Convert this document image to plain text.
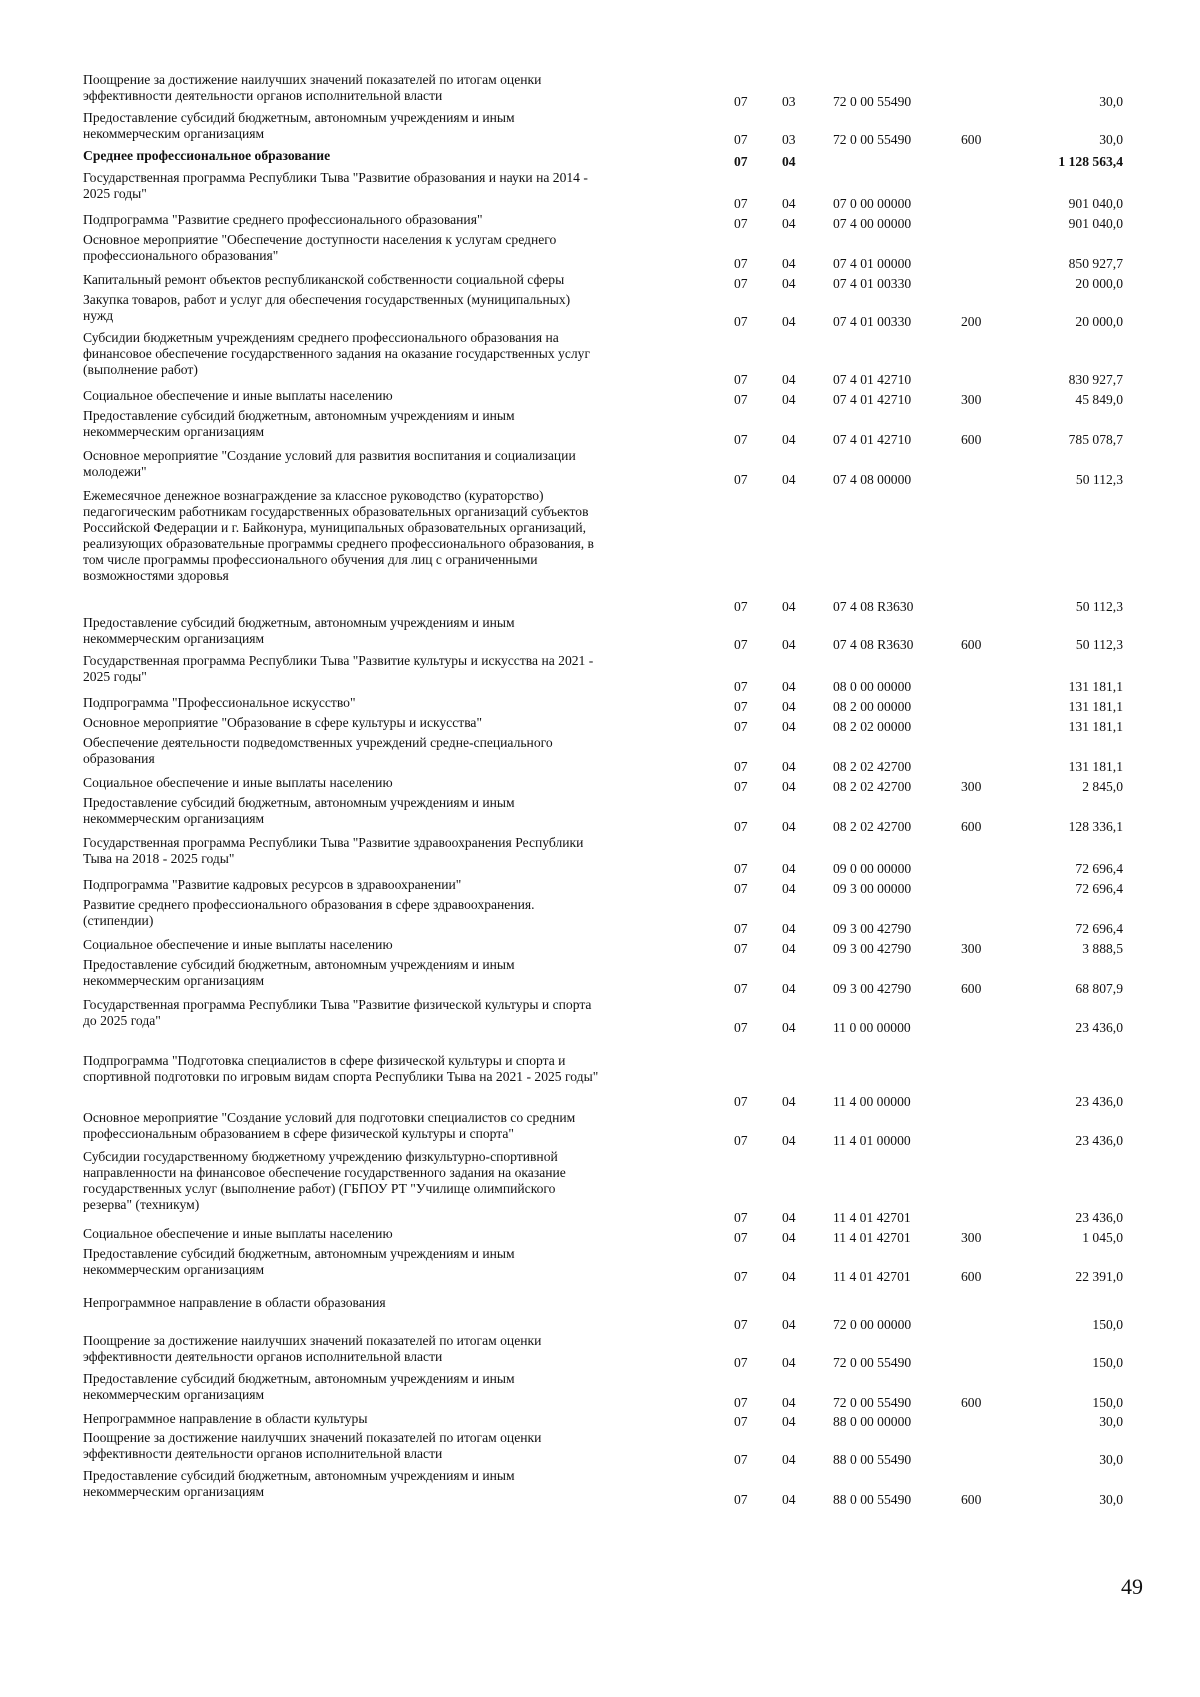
Поощрение за достижение наилучших значений показателей по итогам оценки
эффективности деятельности органов исполнительной власти	07	03	72 0 00 55490	30,0
Предоставление субсидий бюджетным, автономным учреждениям и иным
некоммерческим организациям	07	03	72 0 00 55490	600	30,0
Среднее профессиональное образование	07	04	1 128 563,4
Государственная программа Республики Тыва "Развитие образования и науки на 2014 -
2025 годы"
07	04	07 0 00 00000	901 040,0
Подпрограмма "Развитие среднего профессионального образования"	07	04	07 4 00 00000	901 040,0
Основное мероприятие "Обеспечение доступности населения к услугам среднего
профессионального образования"
07	04	07 4 01 00000	850 927,7
Капитальный ремонт объектов республиканской собственности социальной сферы	07	04	07 4 01 00330	20 000,0
Закупка товаров, работ и услуг для обеспечения государственных (муниципальных)
нужд	07	04	07 4 01 00330	200	20 000,0
Субсидии бюджетным учреждениям среднего профессионального образования на
финансовое обеспечение государственного задания на оказание государственных услуг
(выполнение работ)
07	04	07 4 01 42710	830 927,7
Социальное обеспечение и иные выплаты населению	07	04	07 4 01 42710	300	45 849,0
Предоставление субсидий бюджетным, автономным учреждениям и иным
некоммерческим организациям
07	04	07 4 01 42710	600	785 078,7
Основное мероприятие "Создание условий для развития воспитания и социализации
молодежи"
07	04	07 4 08 00000	50 112,3
Ежемесячное денежное вознаграждение за классное руководство (кураторство)
педагогическим работникам государственных образовательных организаций субъектов
Российской Федерации и г. Байконура, муниципальных образовательных организаций,
реализующих образовательные программы среднего профессионального образования, в
том числе программы профессионального обучения для лиц с ограниченными
возможностями здоровья
07	04	07 4 08 R3630	50 112,3
Предоставление субсидий бюджетным, автономным учреждениям и иным
некоммерческим организациям	07	04	07 4 08 R3630	600	50 112,3
Государственная программа Республики Тыва "Развитие культуры и искусства на 2021 -
2025 годы"
07	04	08 0 00 00000	131 181,1
Подпрограмма "Профессиональное искусство"	07	04	08 2 00 00000	131 181,1
Основное мероприятие "Образование в сфере культуры и искусства"	07	04	08 2 02 00000	131 181,1
Обеспечение деятельности подведомственных учреждений средне-специального
образования
07	04	08 2 02 42700	131 181,1
Социальное обеспечение и иные выплаты населению	07	04	08 2 02 42700	300	2 845,0
Предоставление субсидий бюджетным, автономным учреждениям и иным
некоммерческим организациям
07	04	08 2 02 42700	600	128 336,1
Государственная программа Республики Тыва "Развитие здравоохранения Республики
Тыва на 2018 - 2025 годы"
07	04	09 0 00 00000	72 696,4
Подпрограмма "Развитие кадровых ресурсов в здравоохранении"	07	04	09 3 00 00000	72 696,4
Развитие среднего профессионального образования в сфере здравоохранения.
(стипендии)
07	04	09 3 00 42790	72 696,4
Социальное обеспечение и иные выплаты населению	07	04	09 3 00 42790	300	3 888,5
Предоставление субсидий бюджетным, автономным учреждениям и иным
некоммерческим организациям
07	04	09 3 00 42790	600	68 807,9
Государственная программа Республики Тыва "Развитие физической культуры и спорта
до 2025 года"	07	04	11 0 00 00000	23 436,0
Подпрограмма "Подготовка специалистов в сфере физической культуры и спорта и
спортивной подготовки по игровым видам спорта Республики Тыва на 2021 - 2025 годы"
07	04	11 4 00 00000	23 436,0
Основное мероприятие "Создание условий для подготовки специалистов со средним
профессиональным образованием в сфере физической культуры и спорта"	07	04	11 4 01 00000	23 436,0
Субсидии государственному бюджетному учреждению физкультурно-спортивной
направленности на финансовое обеспечение государственного задания на оказание
государственных услуг (выполнение работ) (ГБПОУ РТ "Училище олимпийского
резерва" (техникум)
07	04	11 4 01 42701	23 436,0
Социальное обеспечение и иные выплаты населению	07	04	11 4 01 42701	300	1 045,0
Предоставление субсидий бюджетным, автономным учреждениям и иным
некоммерческим организациям	07	04	11 4 01 42701	600	22 391,0
Непрограммное направление в области образования
07	04	72 0 00 00000	150,0
Поощрение за достижение наилучших значений показателей по итогам оценки
эффективности деятельности органов исполнительной власти	07	04	72 0 00 55490	150,0
Предоставление субсидий бюджетным, автономным учреждениям и иным
некоммерческим организациям
07	04	72 0 00 55490	600	150,0
Непрограммное направление в области культуры	07	04	88 0 00 00000	30,0
Поощрение за достижение наилучших значений показателей по итогам оценки
эффективности деятельности органов исполнительной власти	07	04	88 0 00 55490	30,0
Предоставление субсидий бюджетным, автономным учреждениям и иным
некоммерческим организациям
07	04	88 0 00 55490	600	30,0
49
